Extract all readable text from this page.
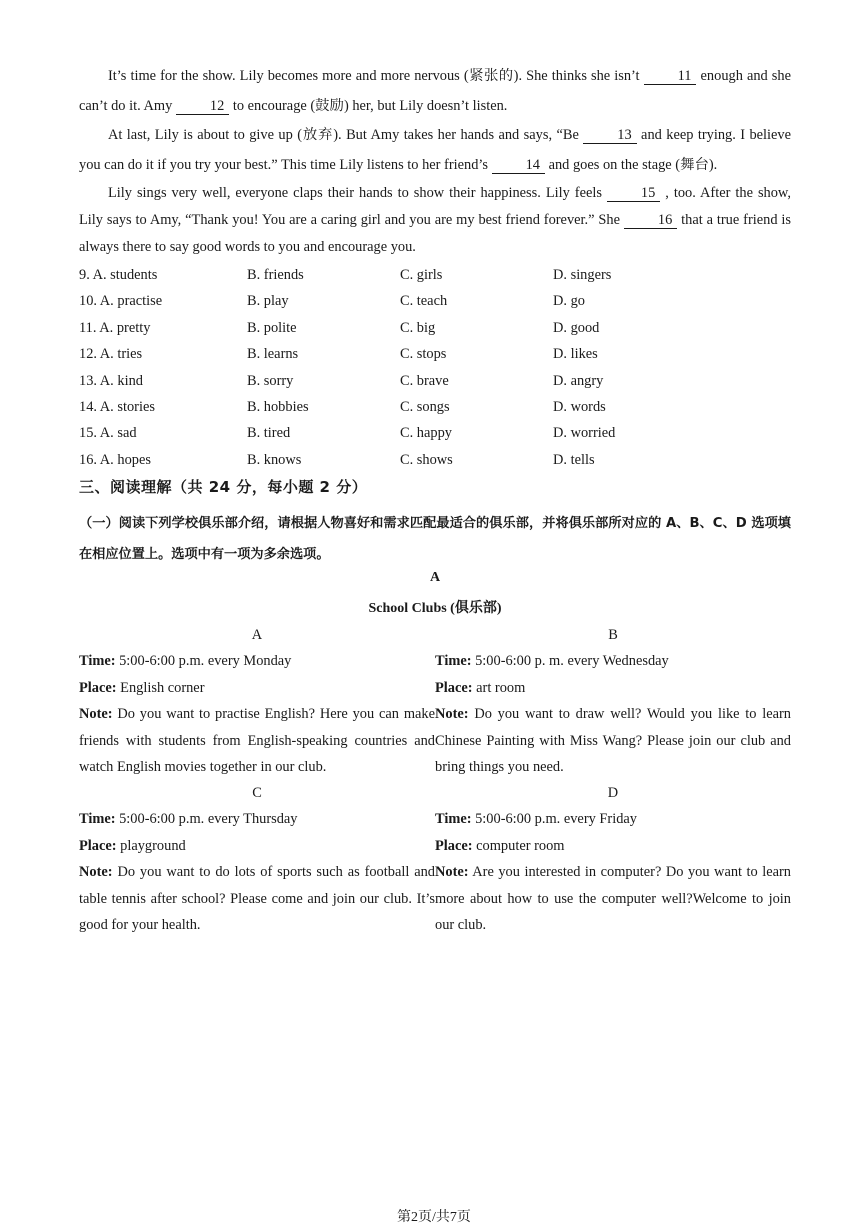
It’s time for the show. Lily becomes more and more nervous (紧张的). She thinks she isn’t 11 enough and she can’t do it. Amy 12 to encourage (鼓励) her, but Lily doesn’t listen.

At last, Lily is about to give up (放弃). But Amy takes her hands and says, “Be 13 and keep trying. I believe you can do it if you try your best.” This time Lily listens to her friend’s 14 and goes on the stage (舞台).

Lily sings very well, everyone claps their hands to show their happiness. Lily feels 15 , too. After the show, Lily says to Amy, “Thank you! You are a caring girl and you are my best friend forever.” She 16 that a true friend is always there to say good words to you and encourage you.

9. A. students	B. friends	C. girls	D. singers
10. A. practise	B. play	C. teach	D. go
11. A. pretty	B. polite	C. big	D. good
12. A. tries	B. learns	C. stops	D. likes
13. A. kind	B. sorry	C. brave	D. angry
14. A. stories	B. hobbies	C. songs	D. words
15. A. sad	B. tired	C. happy	D. worried
16. A. hopes	B. knows	C. shows	D. tells
三、阅读理解（共 24 分，每小题 2 分）
（一）阅读下列学校俱乐部介绍，请根据人物喜好和需求匹配最适合的俱乐部，并将俱乐部所对应的 A、B、C、D 选项填在相应位置上。选项中有一项为多余选项。
A
School Clubs (俱乐部)
A
Time: 5:00-6:00 p.m. every Monday
Place: English corner
Note: Do you want to practise English? Here you can make friends with students from English-speaking countries and watch English movies together in our club.
B
Time: 5:00-6:00 p. m. every Wednesday
Place: art room
Note: Do you want to draw well? Would you like to learn Chinese Painting with Miss Wang? Please join our club and bring things you need.
C
Time: 5:00-6:00 p.m. every Thursday
Place: playground
Note: Do you want to do lots of sports such as football and table tennis after school? Please come and join our club. It’s good for your health.
D
Time: 5:00-6:00 p.m. every Friday
Place: computer room
Note: Are you interested in computer? Do you want to learn more about how to use the computer well?Welcome to join our club.
第2页/共7页
